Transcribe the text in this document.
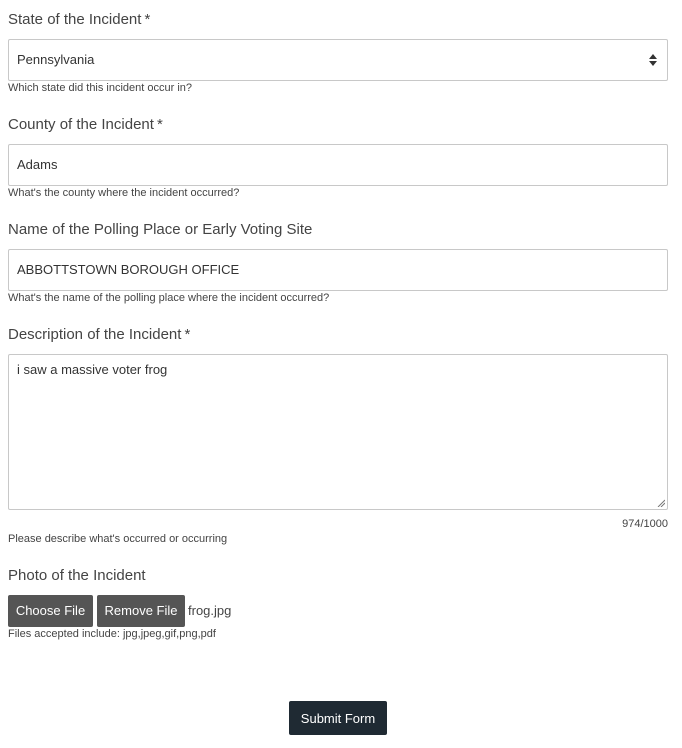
State of the Incident *
Pennsylvania
Which state did this incident occur in?
County of the Incident *
Adams
What's the county where the incident occurred?
Name of the Polling Place or Early Voting Site
ABBOTTSTOWN BOROUGH OFFICE
What's the name of the polling place where the incident occurred?
Description of the Incident *
i saw a massive voter frog
974/1000
Please describe what's occurred or occurring
Photo of the Incident
Choose File	Remove File frog.jpg
Files accepted include: jpg,jpeg,gif,png,pdf
Submit Form
